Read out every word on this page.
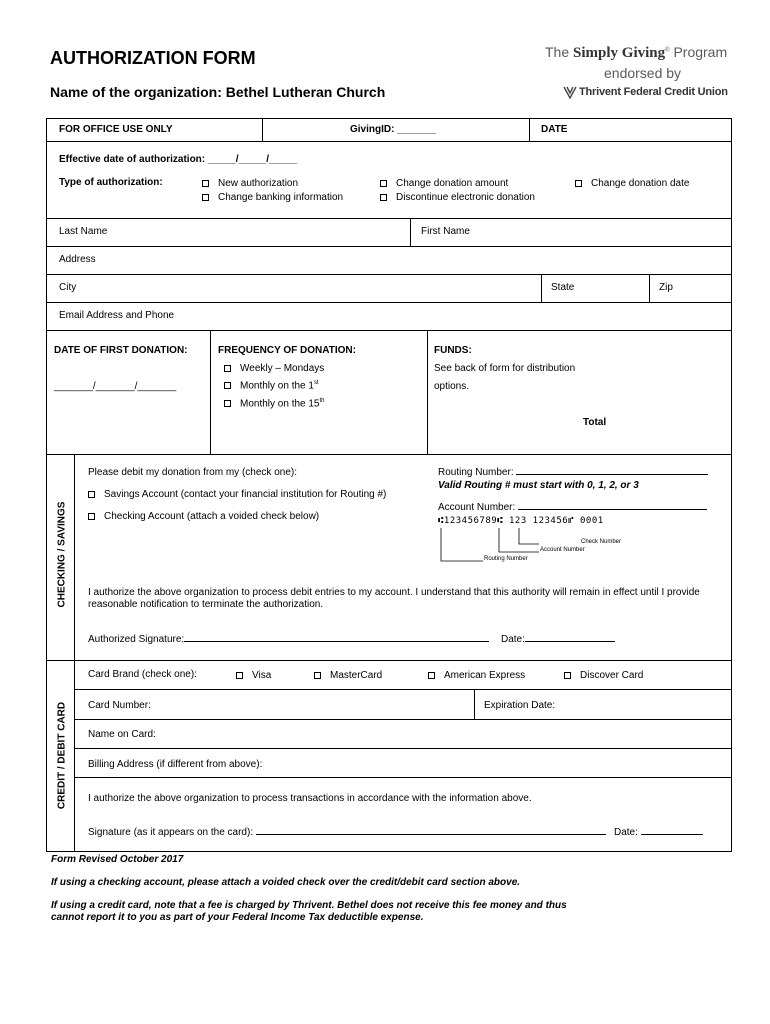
AUTHORIZATION FORM
Name of the organization: Bethel Lutheran Church
The Simply Giving® Program
endorsed by
Thrivent Federal Credit Union
FOR OFFICE USE ONLY	GivingID: _______	DATE
Effective date of authorization: _____/_____/_____
Type of authorization:	New authorization
Change banking information
Change donation amount
Discontinue electronic donation
Change donation date
Last Name	First Name
Address
City	State	Zip
Email Address and Phone
DATE OF FIRST DONATION:
_______/_______/_______
FREQUENCY OF DONATION:
Weekly – Mondays
Monthly on the 1st
Monthly on the 15th
FUNDS:
See back of form for distribution
options.
Total
CHECKING / SAVINGS
Please debit my donation from my (check one):
Savings Account (contact your financial institution for Routing #)
Checking Account (attach a voided check below)
Routing Number:
Valid Routing # must start with 0, 1, 2, or 3
Account Number:
⑆123456789⑆ 123 123456⑈ 0001
Check Number
Account Number
Routing Number
I authorize the above organization to process debit entries to my account. I understand that this authority will remain in effect until I provide
reasonable notification to terminate the authorization.
Authorized Signature:	Date:
CREDIT / DEBIT CARD
Card Brand (check one):	Visa	MasterCard	American Express	Discover Card
Card Number:	Expiration Date:
Name on Card:
Billing Address (if different from above):
I authorize the above organization to process transactions in accordance with the information above.
Signature (as it appears on the card):	Date:
Form Revised October 2017
If using a checking account, please attach a voided check over the credit/debit card section above.
If using a credit card, note that a fee is charged by Thrivent. Bethel does not receive this fee money and thus
cannot report it to you as part of your Federal Income Tax deductible expense.
